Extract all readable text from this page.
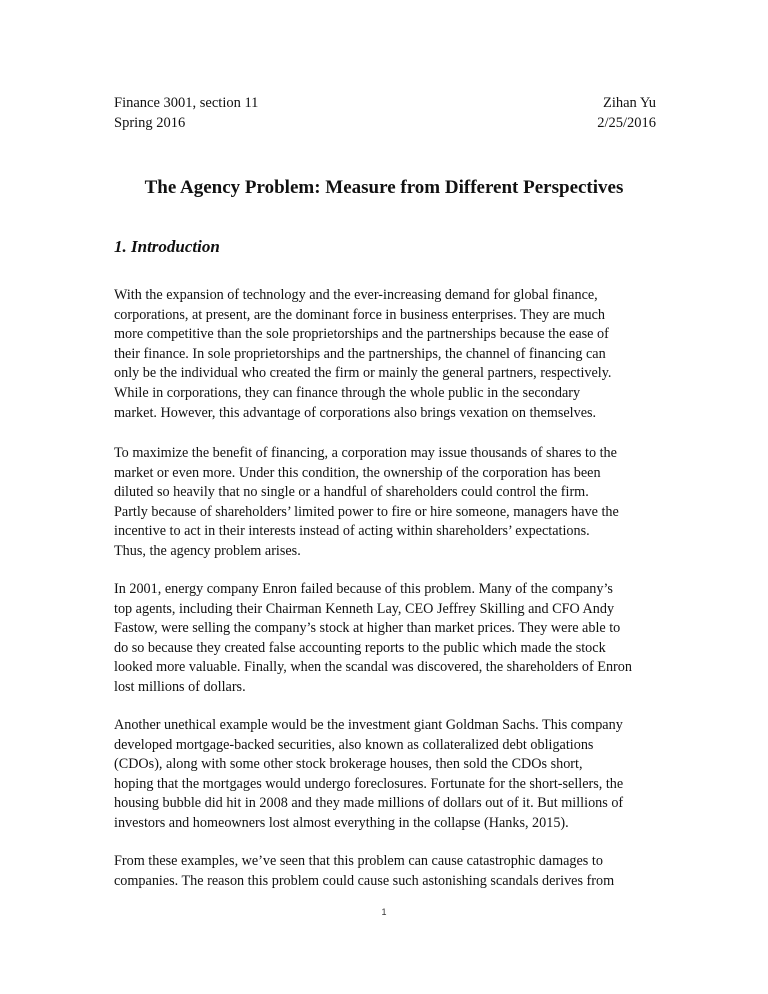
Finance 3001, section 11	Zihan Yu
Spring 2016	2/25/2016
The Agency Problem: Measure from Different Perspectives
1. Introduction
With the expansion of technology and the ever-increasing demand for global finance,
corporations, at present, are the dominant force in business enterprises. They are much
more competitive than the sole proprietorships and the partnerships because the ease of
their finance. In sole proprietorships and the partnerships, the channel of financing can
only be the individual who created the firm or mainly the general partners, respectively.
While in corporations, they can finance through the whole public in the secondary
market. However, this advantage of corporations also brings vexation on themselves.
To maximize the benefit of financing, a corporation may issue thousands of shares to the
market or even more. Under this condition, the ownership of the corporation has been
diluted so heavily that no single or a handful of shareholders could control the firm.
Partly because of shareholders’ limited power to fire or hire someone, managers have the
incentive to act in their interests instead of acting within shareholders’ expectations.
Thus, the agency problem arises.
In 2001, energy company Enron failed because of this problem. Many of the company’s
top agents, including their Chairman Kenneth Lay, CEO Jeffrey Skilling and CFO Andy
Fastow, were selling the company’s stock at higher than market prices. They were able to
do so because they created false accounting reports to the public which made the stock
looked more valuable. Finally, when the scandal was discovered, the shareholders of Enron
lost millions of dollars.
Another unethical example would be the investment giant Goldman Sachs. This company
developed mortgage-backed securities, also known as collateralized debt obligations
(CDOs), along with some other stock brokerage houses, then sold the CDOs short,
hoping that the mortgages would undergo foreclosures. Fortunate for the short-sellers, the
housing bubble did hit in 2008 and they made millions of dollars out of it. But millions of
investors and homeowners lost almost everything in the collapse (Hanks, 2015).
From these examples, we’ve seen that this problem can cause catastrophic damages to
companies. The reason this problem could cause such astonishing scandals derives from
1
